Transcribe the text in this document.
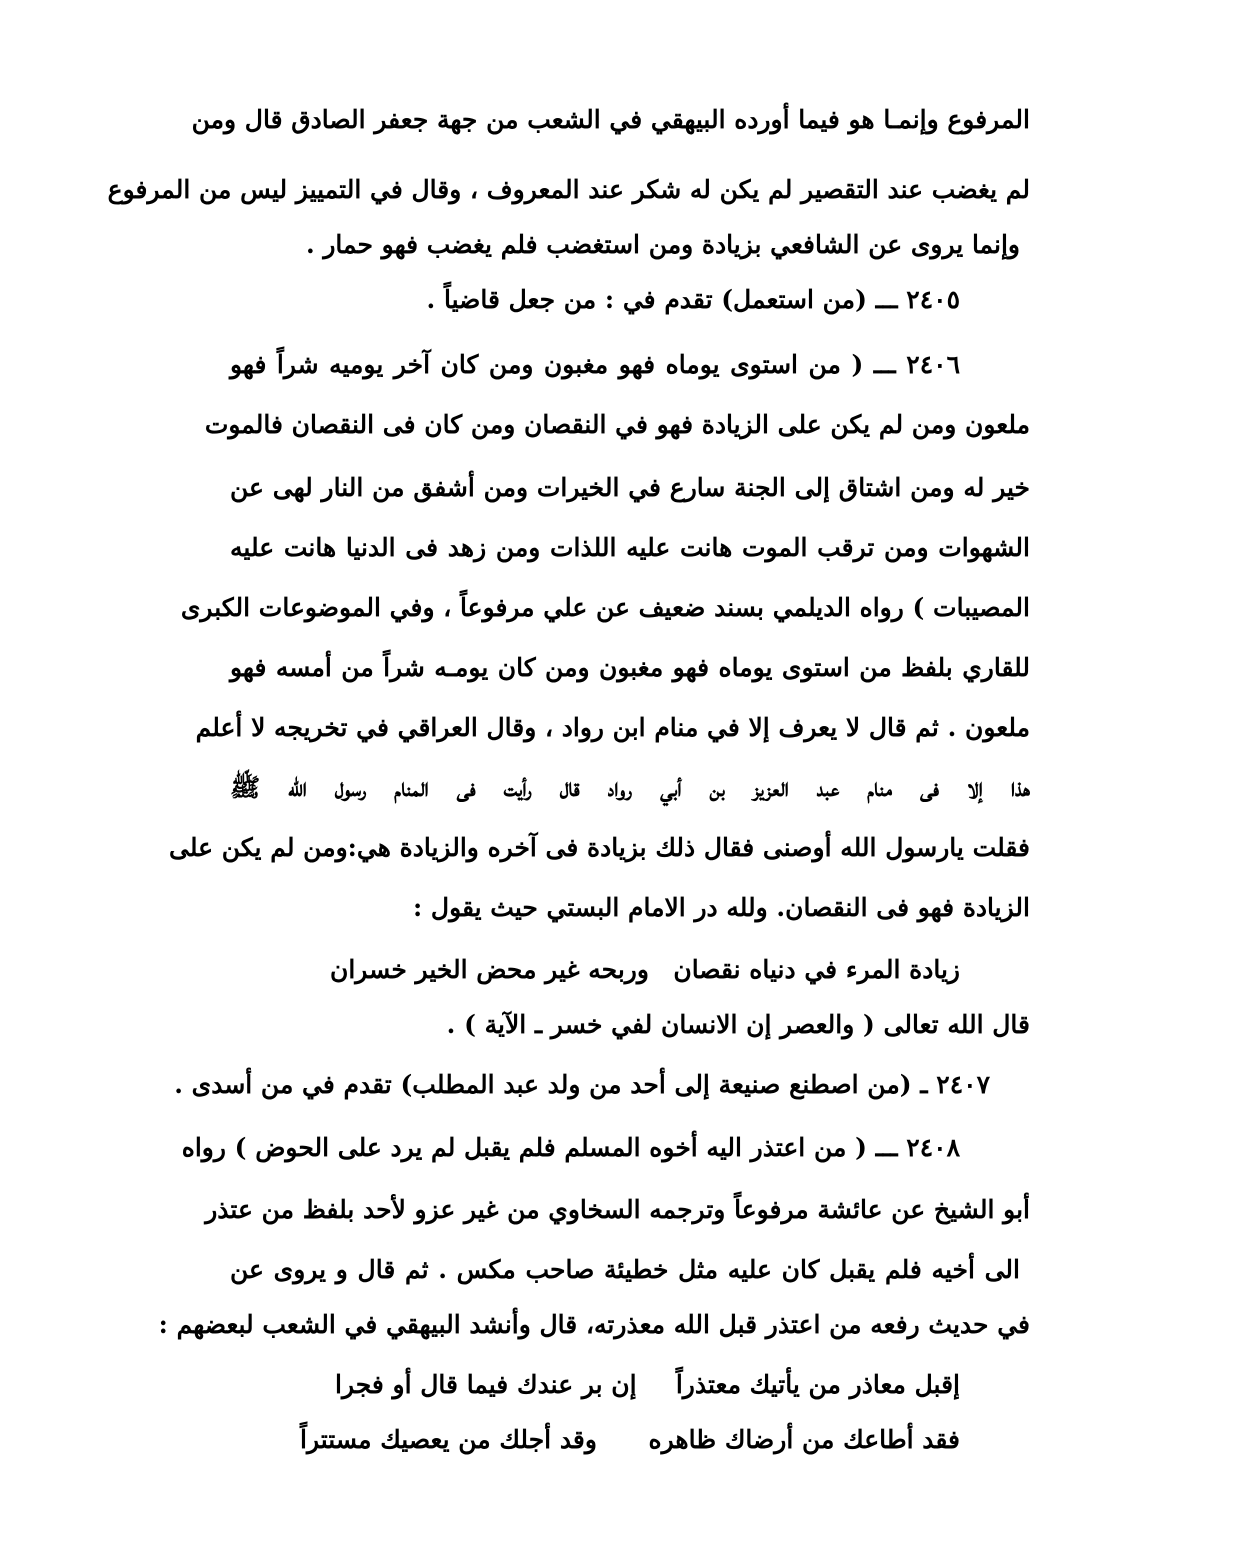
المرفوع وإنمـا هو فيما أورده البيهقي في الشعب من جهة جعفر الصادق قال ومن
لم يغضب عند التقصير لم يكن له شكر عند المعروف ، وقال في التمييز ليس من المرفوع
وإنما يروى عن الشافعي بزيادة ومن استغضب فلم يغضب فهو حمار .
٢٤٠٥ ـــ (من استعمل) تقدم في : من جعل قاضياً .
٢٤٠٦ ـــ ( من استوى يوماه فهو مغبون ومن كان آخر يوميه شراً فهو
ملعون ومن لم يكن على الزيادة فهو في النقصان ومن كان فى النقصان فالموت
خير له ومن اشتاق إلى الجنة سارع في الخيرات ومن أشفق من النار لهى عن
الشهوات ومن ترقب الموت هانت عليه اللذات ومن زهد فى الدنيا هانت عليه
المصيبات ) رواه الديلمي بسند ضعيف عن علي مرفوعاً ، وفي الموضوعات الكبرى
للقاري بلفظ من استوى يوماه فهو مغبون ومن كان يومـه شراً من أمسه فهو
ملعون . ثم قال لا يعرف إلا في منام ابن رواد ، وقال العراقي في تخريجه لا أعلم
هذا إلا فى منام عبد العزيز بن أبي رواد قال رأيت فى المنام رسول الله ﷺ
فقلت يارسول الله أوصنى فقال ذلك بزيادة فى آخره والزيادة هي:ومن لم يكن على
الزيادة فهو فى النقصان. ولله در الامام البستي حيث يقول :
زيادة المرء في دنياه نقصان
وربحه غير محض الخير خسران
قال الله تعالى ( والعصر إن الانسان لفي خسر ـ الآية ) .
٢٤٠٧ ـ (من اصطنع صنيعة إلى أحد من ولد عبد المطلب) تقدم في من أسدى .
٢٤٠٨ ـــ ( من اعتذر اليه أخوه المسلم فلم يقبل لم يرد على الحوض ) رواه
أبو الشيخ عن عائشة مرفوعاً وترجمه السخاوي من غير عزو لأحد بلفظ من عتذر
الى أخيه فلم يقبل كان عليه مثل خطيئة صاحب مكس . ثم قال و يروى عن
في حديث رفعه من اعتذر قبل الله معذرته، قال وأنشد البيهقي في الشعب لبعضهم :
إقبل معاذر من يأتيك معتذراً
إن بر عندك فيما قال أو فجرا
فقد أطاعك من أرضاك ظاهره
وقد أجلك من يعصيك مستتراً
